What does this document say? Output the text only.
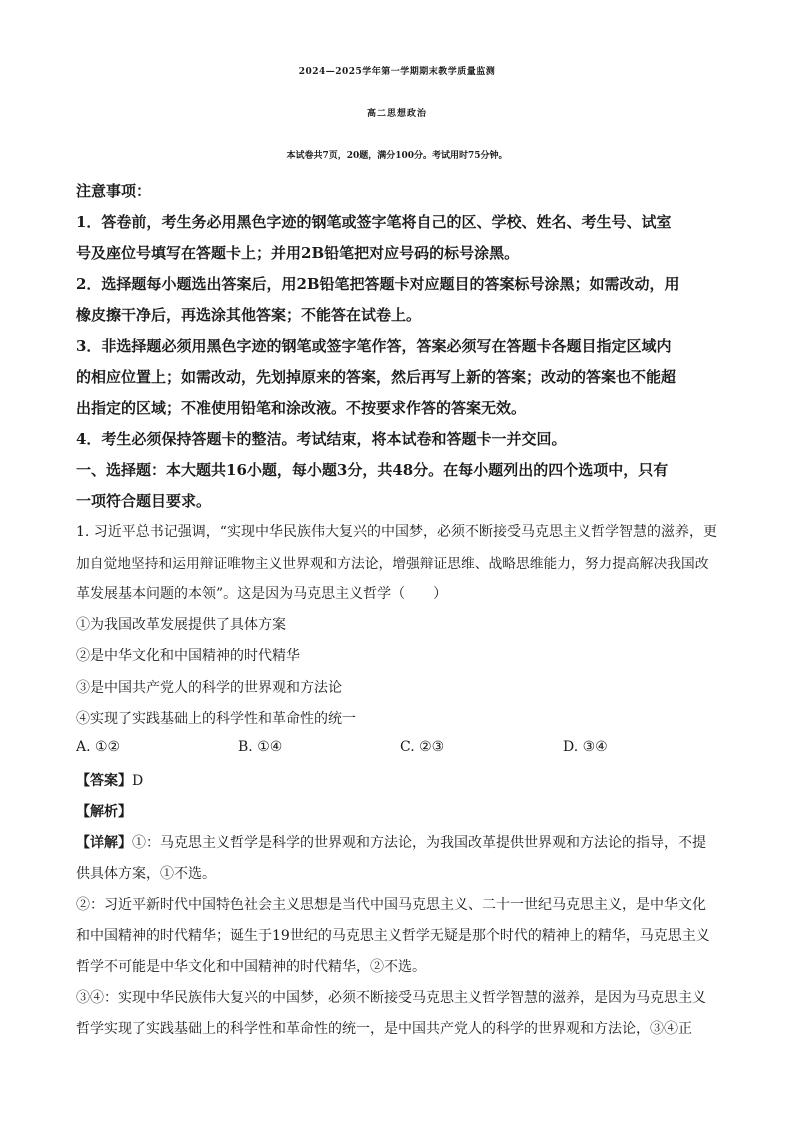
2024—2025学年第一学期期末教学质量监测
高二思想政治
本试卷共7页，20题，满分100分。考试用时75分钟。
注意事项：
1．答卷前，考生务必用黑色字迹的钢笔或签字笔将自己的区、学校、姓名、考生号、试室
号及座位号填写在答题卡上；并用2B铅笔把对应号码的标号涂黑。
2．选择题每小题选出答案后，用2B铅笔把答题卡对应题目的答案标号涂黑；如需改动，用
橡皮擦干净后，再选涂其他答案；不能答在试卷上。
3．非选择题必须用黑色字迹的钢笔或签字笔作答，答案必须写在答题卡各题目指定区域内
的相应位置上；如需改动，先划掉原来的答案，然后再写上新的答案；改动的答案也不能超
出指定的区域；不准使用铅笔和涂改液。不按要求作答的答案无效。
4．考生必须保持答题卡的整洁。考试结束，将本试卷和答题卡一并交回。
一、选择题：本大题共16小题，每小题3分，共48分。在每小题列出的四个选项中，只有
一项符合题目要求。
1. 习近平总书记强调，“实现中华民族伟大复兴的中国梦，必须不断接受马克思主义哲学智慧的滋养，更
加自觉地坚持和运用辩证唯物主义世界观和方法论，增强辩证思维、战略思维能力，努力提高解决我国改
革发展基本问题的本领”。这是因为马克思主义哲学（　　）
①为我国改革发展提供了具体方案
②是中华文化和中国精神的时代精华
③是中国共产党人的科学的世界观和方法论
④实现了实践基础上的科学性和革命性的统一
A. ①②	B. ①④	C. ②③	D. ③④
【答案】D
【解析】
【详解】①：马克思主义哲学是科学的世界观和方法论，为我国改革提供世界观和方法论的指导，不提
供具体方案，①不选。
②：习近平新时代中国特色社会主义思想是当代中国马克思主义、二十一世纪马克思主义，是中华文化
和中国精神的时代精华；诞生于19世纪的马克思主义哲学无疑是那个时代的精神上的精华，马克思主义
哲学不可能是中华文化和中国精神的时代精华，②不选。
③④：实现中华民族伟大复兴的中国梦，必须不断接受马克思主义哲学智慧的滋养，是因为马克思主义
哲学实现了实践基础上的科学性和革命性的统一，是中国共产党人的科学的世界观和方法论，③④正
